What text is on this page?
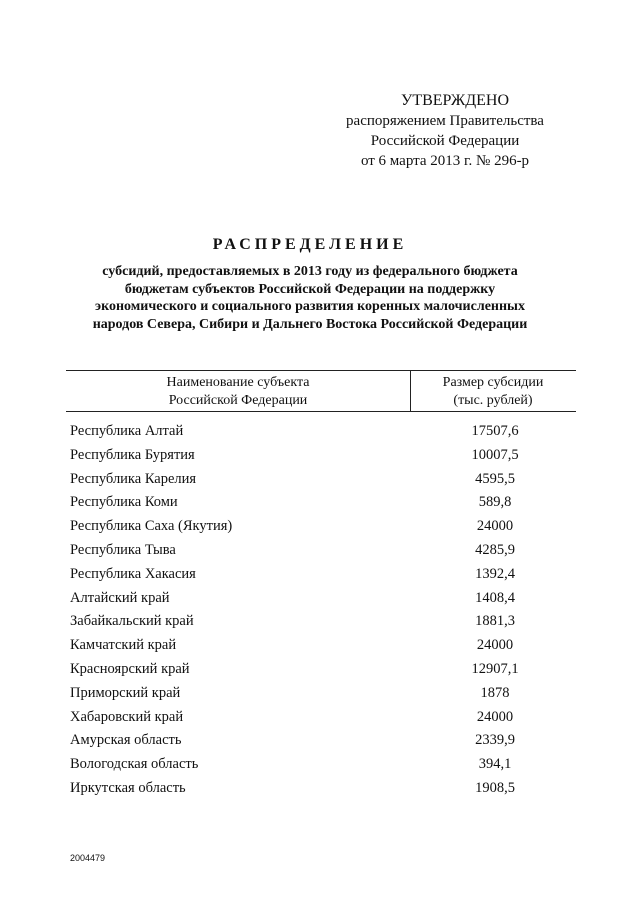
УТВЕРЖДЕНО
распоряжением Правительства
Российской Федерации
от 6 марта 2013 г. № 296-р
РАСПРЕДЕЛЕНИЕ
субсидий, предоставляемых в 2013 году из федерального бюджета
бюджетам субъектов Российской Федерации на поддержку
экономического и социального развития коренных малочисленных
народов Севера, Сибири и Дальнего Востока Российской Федерации
Наименование субъекта
Российской Федерации
Размер субсидии
(тыс. рублей)
Республика Алтай	17507,6
Республика Бурятия	10007,5
Республика Карелия	4595,5
Республика Коми	589,8
Республика Саха (Якутия)	24000
Республика Тыва	4285,9
Республика Хакасия	1392,4
Алтайский край	1408,4
Забайкальский край	1881,3
Камчатский край	24000
Красноярский край	12907,1
Приморский край	1878
Хабаровский край	24000
Амурская область	2339,9
Вологодская область	394,1
Иркутская область	1908,5
2004479
